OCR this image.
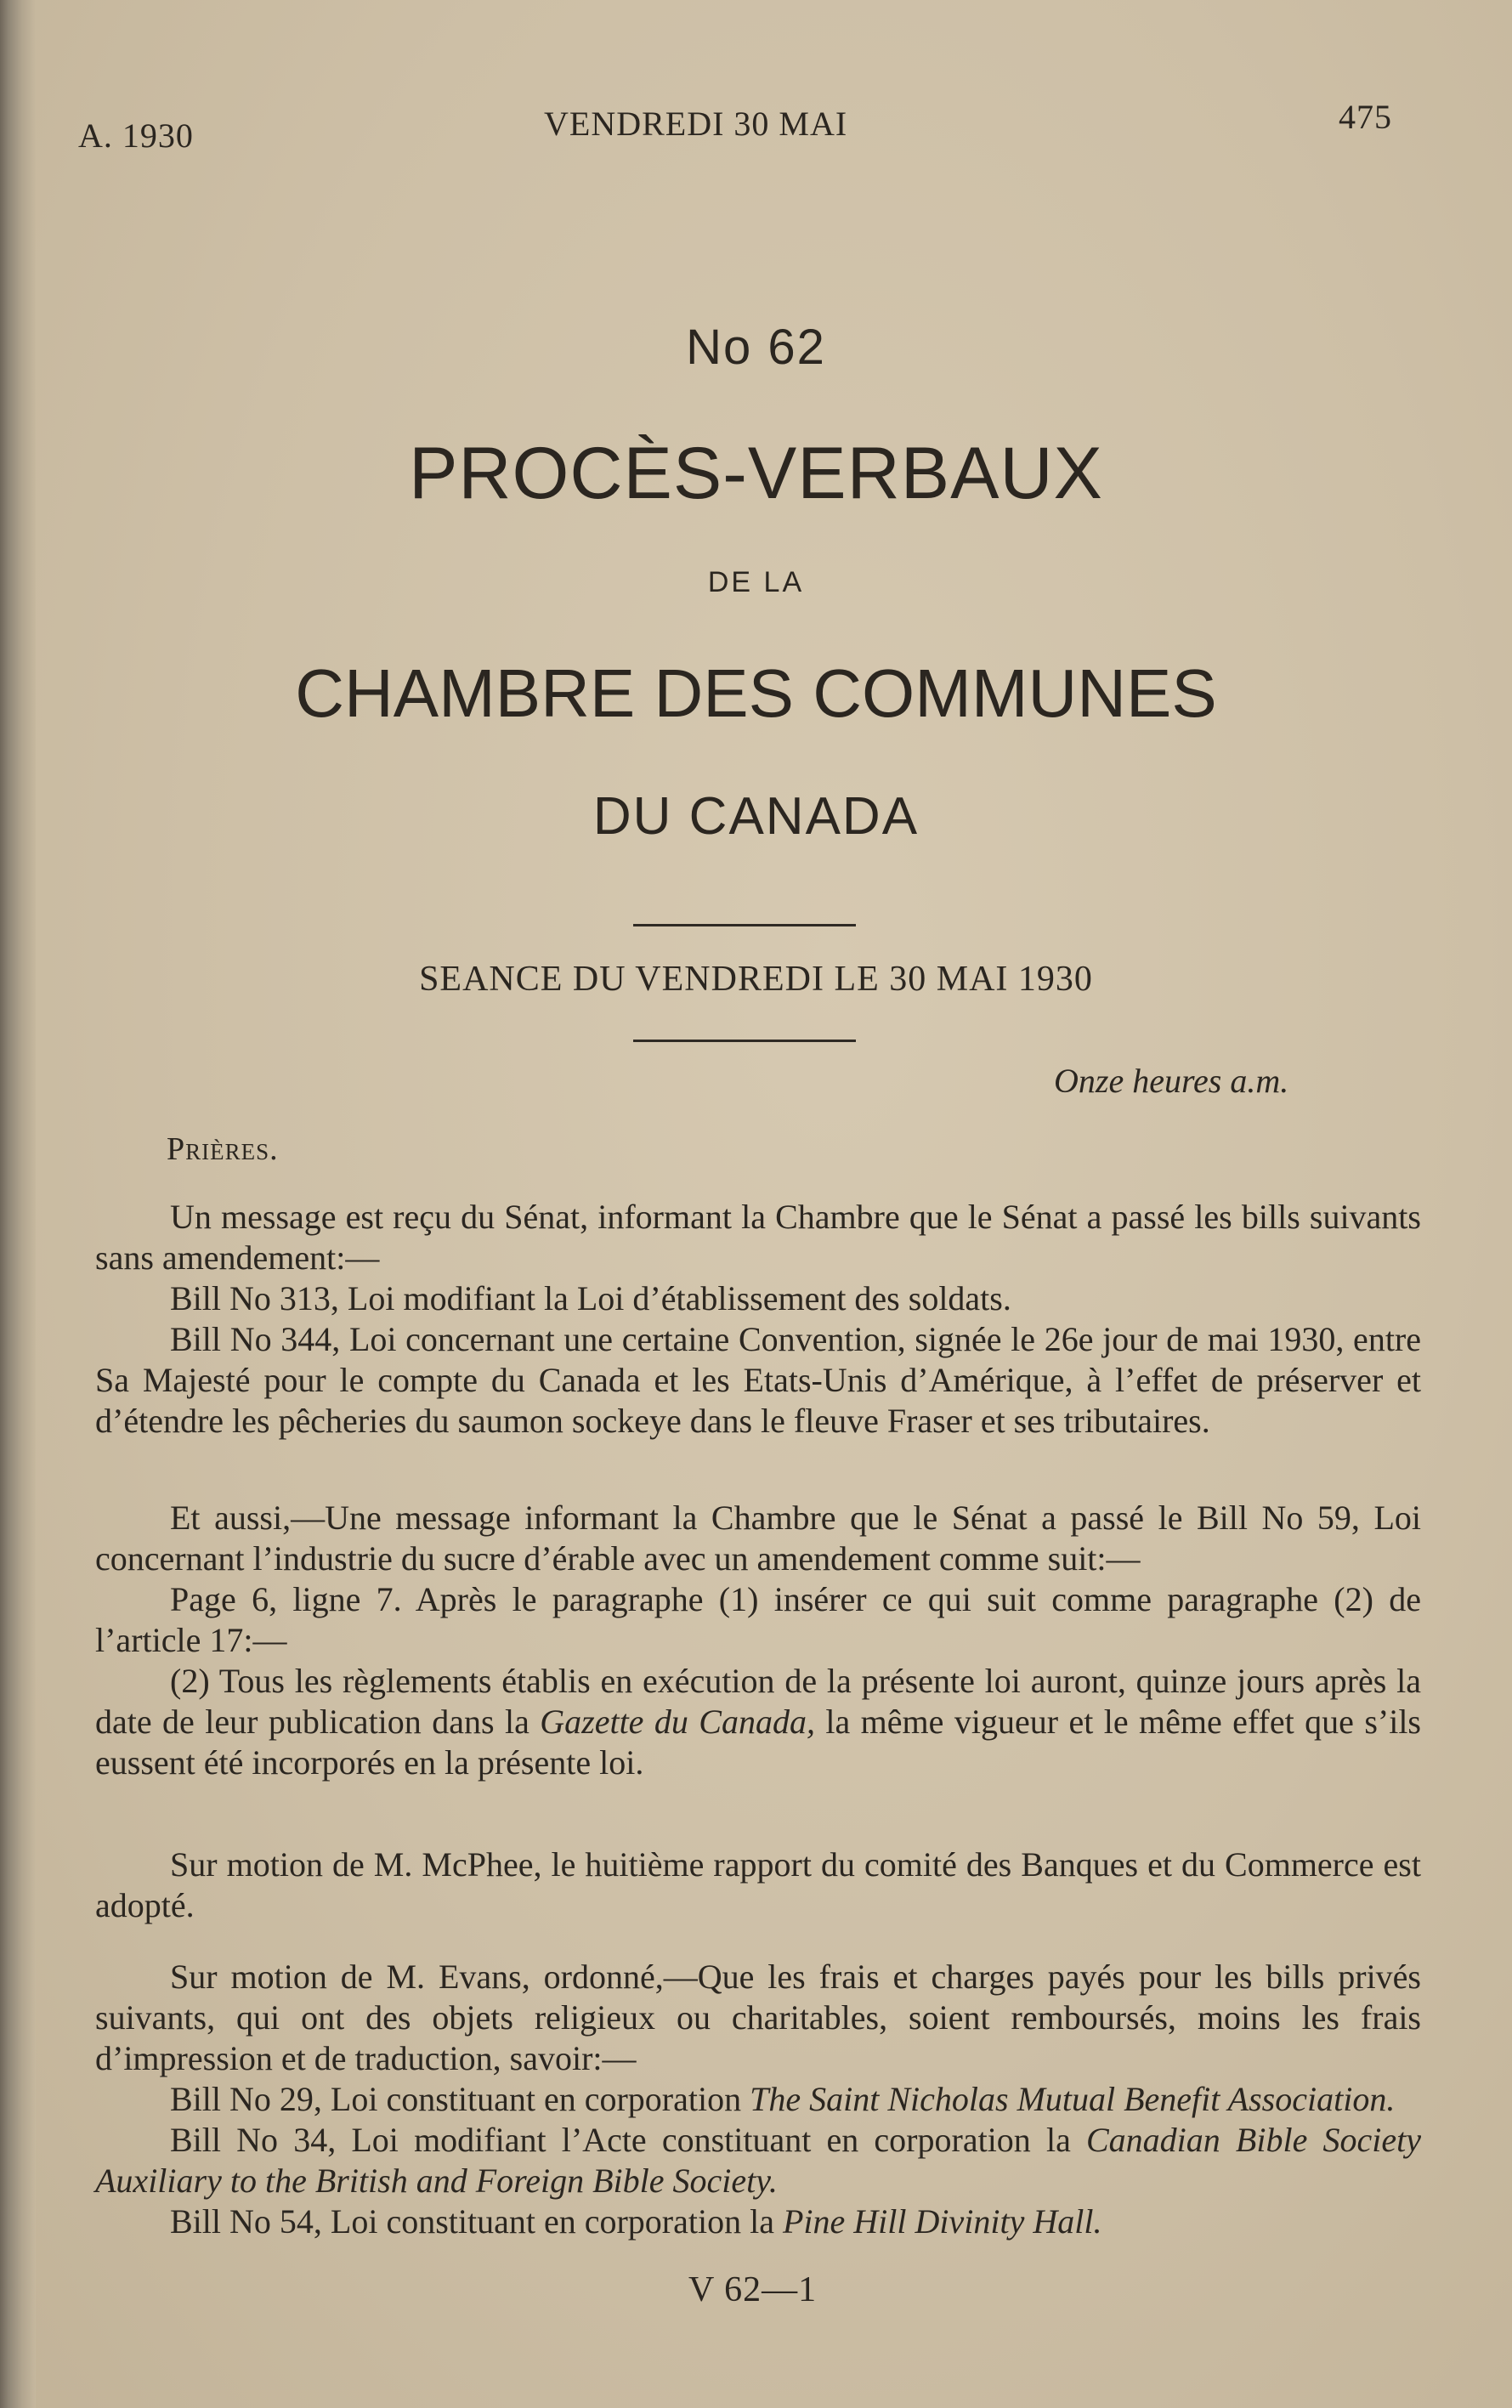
A. 1930	VENDREDI 30 MAI	475
No 62
PROCÈS-VERBAUX
DE LA
CHAMBRE DES COMMUNES
DU CANADA
SEANCE DU VENDREDI LE 30 MAI 1930
Onze heures a.m.
Prières.

Un message est reçu du Sénat, informant la Chambre que le Sénat a passé les bills suivants sans amendement:—

Bill No 313, Loi modifiant la Loi d’établissement des soldats.

Bill No 344, Loi concernant une certaine Convention, signée le 26e jour de mai 1930, entre Sa Majesté pour le compte du Canada et les Etats-Unis d’Amérique, à l’effet de préserver et d’étendre les pêcheries du saumon sockeye dans le fleuve Fraser et ses tributaires.

Et aussi,—Une message informant la Chambre que le Sénat a passé le Bill No 59, Loi concernant l’industrie du sucre d’érable avec un amendement comme suit:—

Page 6, ligne 7. Après le paragraphe (1) insérer ce qui suit comme paragraphe (2) de l’article 17:—

(2) Tous les règlements établis en exécution de la présente loi auront, quinze jours après la date de leur publication dans la Gazette du Canada, la même vigueur et le même effet que s’ils eussent été incorporés en la présente loi.

Sur motion de M. McPhee, le huitième rapport du comité des Banques et du Commerce est adopté.

Sur motion de M. Evans, ordonné,—Que les frais et charges payés pour les bills privés suivants, qui ont des objets religieux ou charitables, soient remboursés, moins les frais d’impression et de traduction, savoir:—

Bill No 29, Loi constituant en corporation The Saint Nicholas Mutual Benefit Association.

Bill No 34, Loi modifiant l’Acte constituant en corporation la Canadian Bible Society Auxiliary to the British and Foreign Bible Society.

Bill No 54, Loi constituant en corporation la Pine Hill Divinity Hall.

V 62—1
